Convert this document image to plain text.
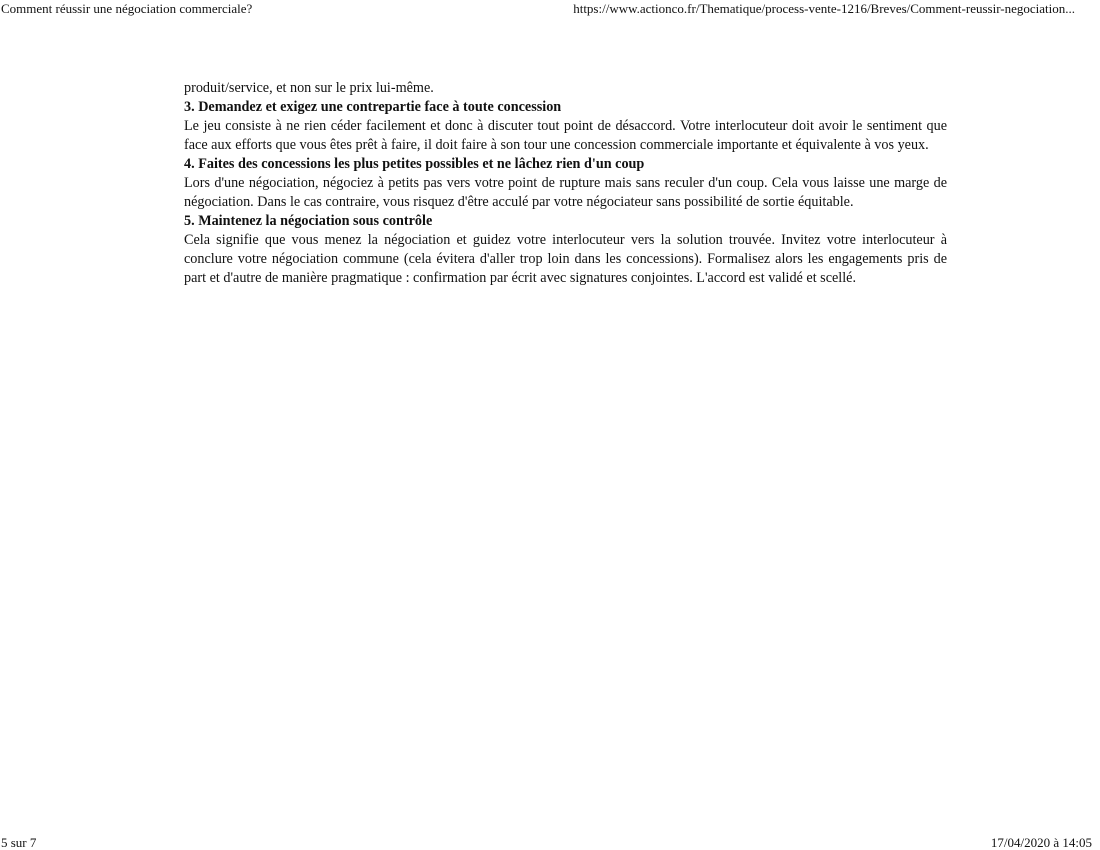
Comment réussir une négociation commerciale?	https://www.actionco.fr/Thematique/process-vente-1216/Breves/Comment-reussir-negociation...

produit/service, et non sur le prix lui-même.

3. Demandez et exigez une contrepartie face à toute concession

Le jeu consiste à ne rien céder facilement et donc à discuter tout point de désaccord. Votre interlocuteur doit avoir le sentiment que face aux efforts que vous êtes prêt à faire, il doit faire à son tour une concession commerciale importante et équivalente à vos yeux.

4. Faites des concessions les plus petites possibles et ne lâchez rien d'un coup

Lors d'une négociation, négociez à petits pas vers votre point de rupture mais sans reculer d'un coup. Cela vous laisse une marge de négociation. Dans le cas contraire, vous risquez d'être acculé par votre négociateur sans possibilité de sortie équitable.

5. Maintenez la négociation sous contrôle

Cela signifie que vous menez la négociation et guidez votre interlocuteur vers la solution trouvée. Invitez votre interlocuteur à conclure votre négociation commune (cela évitera d'aller trop loin dans les concessions). Formalisez alors les engagements pris de part et d'autre de manière pragmatique : confirmation par écrit avec signatures conjointes. L'accord est validé et scellé.

5 sur 7	17/04/2020 à 14:05
